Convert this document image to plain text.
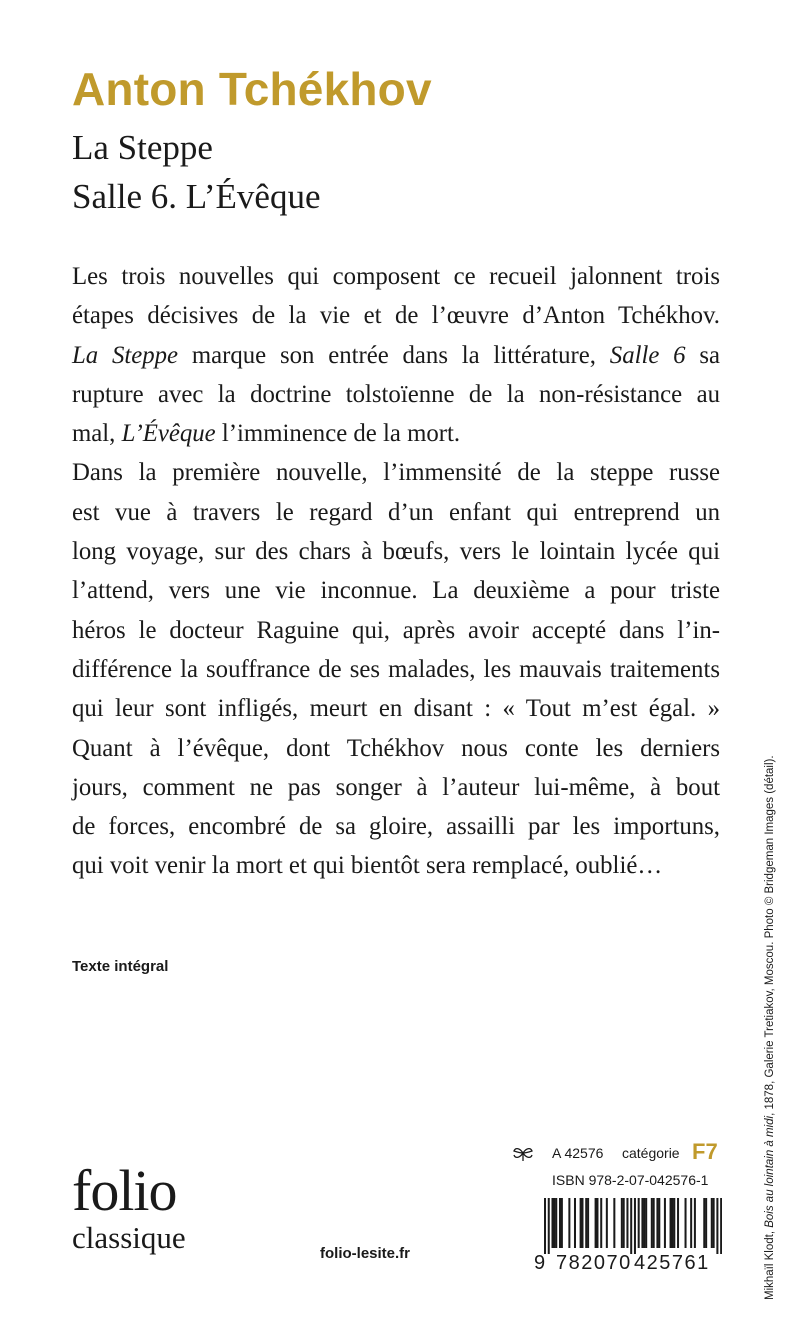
Anton Tchékhov
La Steppe
Salle 6. L’Évêque
Les trois nouvelles qui composent ce recueil jalonnent trois
étapes décisives de la vie et de l’œuvre d’Anton Tchékhov.
La Steppe marque son entrée dans la littérature, Salle 6 sa
rupture avec la doctrine tolstoïenne de la non-résistance au
mal, L’Évêque l’imminence de la mort.
Dans la première nouvelle, l’immensité de la steppe russe
est vue à travers le regard d’un enfant qui entreprend un
long voyage, sur des chars à bœufs, vers le lointain lycée qui
l’attend, vers une vie inconnue. La deuxième a pour triste
héros le docteur Raguine qui, après avoir accepté dans l’in-
différence la souffrance de ses malades, les mauvais traitements
qui leur sont infligés, meurt en disant : « Tout m’est égal. »
Quant à l’évêque, dont Tchékhov nous conte les derniers
jours, comment ne pas songer à l’auteur lui-même, à bout
de forces, encombré de sa gloire, assailli par les importuns,
qui voit venir la mort et qui bientôt sera remplacé, oublié…
Texte intégral
Mikhaïl Klodt, Bois au lointain à midi, 1878, Galerie Tretiakov, Moscou. Photo © Bridgeman Images (détail).
folio
classique	folio-lesite.fr
A 42576 catégorie F7
ISBN 978-2-07-042576-1
9 782070 425761
